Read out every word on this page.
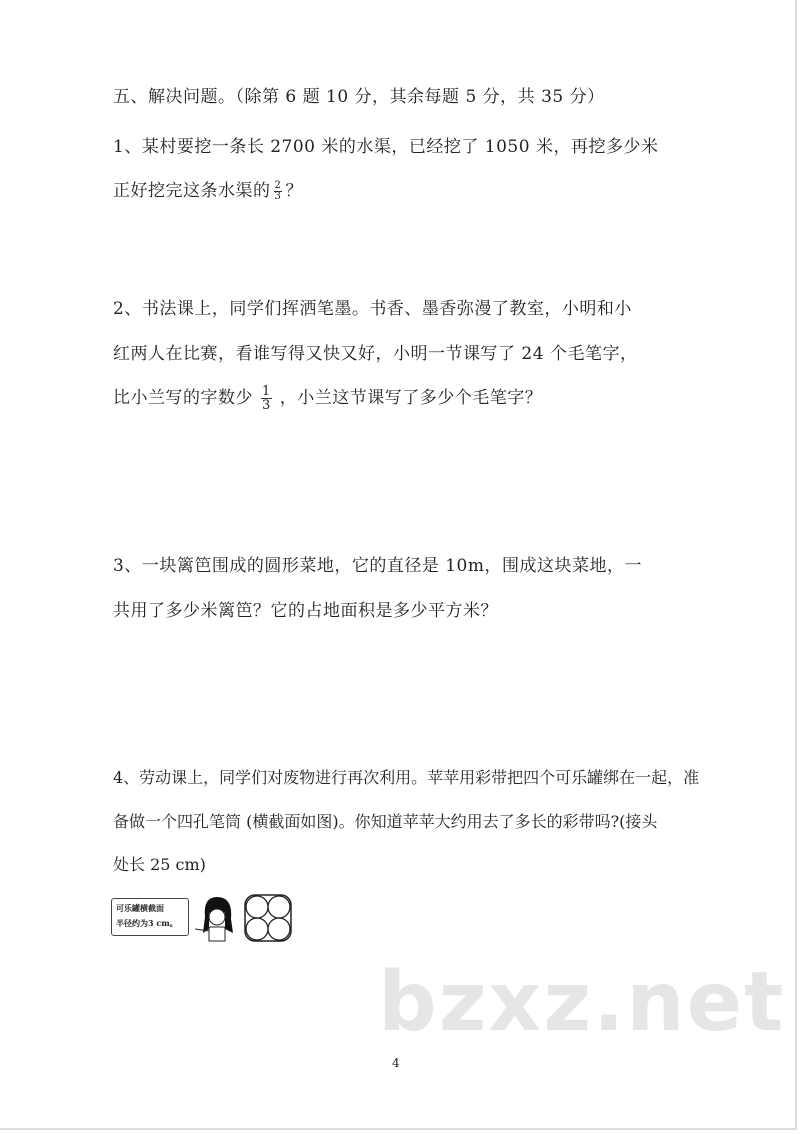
五、解决问题。（除第 6 题 10 分，其余每题 5 分，共 35 分）
1、某村要挖一条长 2700 米的水渠，已经挖了 1050 米，再挖多少米
正好挖完这条水渠的 $\frac{2}{3}$ ？
2、书法课上，同学们挥洒笔墨。书香、墨香弥漫了教室，小明和小
红两人在比赛，看谁写得又快又好，小明一节课写了 24 个毛笔字，
比小兰写的字数少 $\frac{1}{3}$ ，小兰这节课写了多少个毛笔字？
3、一块篱笆围成的圆形菜地，它的直径是 10m，围成这块菜地，一
共用了多少米篱笆？它的占地面积是多少平方米？
4、劳动课上，同学们对废物进行再次利用。苹苹用彩带把四个可乐罐绑在一起，准
备做一个四孔笔筒 (横截面如图)。你知道苹苹大约用去了多长的彩带吗?(接头
处长 25 cm)
可乐罐横截面
半径约为3 cm。
bzxz.net
4
